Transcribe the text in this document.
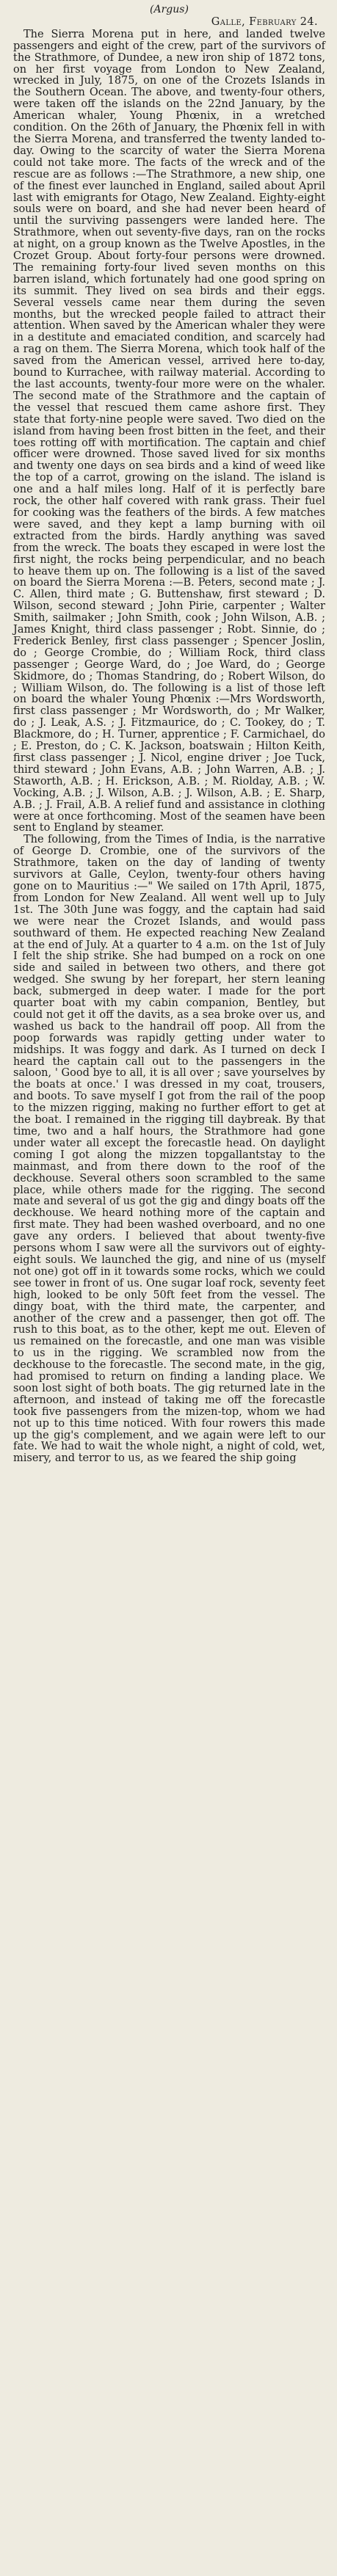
(Argus)
Galle, February 24.

The Sierra Morena put in here, and landed twelve passengers and eight of the crew, part of the survivors of the Strathmore, of Dundee, a new iron ship of 1872 tons, on her first voyage from London to New Zealand, wrecked in July, 1875, on one of the Crozets Islands in the Southern Ocean. The above, and twenty-four others, were taken off the islands on the 22nd January, by the American whaler, Young Phœnix, in a wretched condition. On the 26th of January, the Phœnix fell in with the Sierra Morena, and transferred the twenty landed to-day. Owing to the scarcity of water the Sierra Morena could not take more. The facts of the wreck and of the rescue are as follows :—The Strathmore, a new ship, one of the finest ever launched in England, sailed about April last with emigrants for Otago, New Zealand. Eighty-eight souls were on board, and she had never been heard of until the surviving passengers were landed here. The Strathmore, when out seventy-five days, ran on the rocks at night, on a group known as the Twelve Apostles, in the Crozet Group. About forty-four persons were drowned. The remaining forty-four lived seven months on this barren island, which fortunately had one good spring on its summit. They lived on sea birds and their eggs. Several vessels came near them during the seven months, but the wrecked people failed to attract their attention. When saved by the American whaler they were in a destitute and emaciated condition, and scarcely had a rag on them. The Sierra Morena, which took half of the saved from the American vessel, arrived here to-day, bound to Kurrachee, with railway material. According to the last accounts, twenty-four more were on the whaler. The second mate of the Strathmore and the captain of the vessel that rescued them came ashore first. They state that forty-nine people were saved. Two died on the island from having been frost bitten in the feet, and their toes rotting off with mortification. The captain and chief officer were drowned. Those saved lived for six months and twenty one days on sea birds and a kind of weed like the top of a carrot, growing on the island. The island is one and a half miles long. Half of it is perfectly bare rock, the other half covered with rank grass. Their fuel for cooking was the feathers of the birds. A few matches were saved, and they kept a lamp burning with oil extracted from the birds. Hardly anything was saved from the wreck. The boats they escaped in were lost the first night, the rocks being perpendicular, and no beach to heave them up on. The following is a list of the saved on board the Sierra Morena :—B. Peters, second mate ; J. C. Allen, third mate ; G. Buttenshaw, first steward ; D. Wilson, second steward ; John Pirie, carpenter ; Walter Smith, sailmaker ; John Smith, cook ; John Wilson, A.B. ; James Knight, third class passenger ; Robt. Sinnie, do ; Frederick Benley, first class passenger ; Spencer Joslin, do ; George Crombie, do ; William Rock, third class passenger ; George Ward, do ; Joe Ward, do ; George Skidmore, do ; Thomas Standring, do ; Robert Wilson, do ; William Wilson, do. The following is a list of those left on board the whaler Young Phœnix :—Mrs Wordsworth, first class passenger ; Mr Wordsworth, do ; Mr Walker, do ; J. Leak, A.S. ; J. Fitzmaurice, do ; C. Tookey, do ; T. Blackmore, do ; H. Turner, apprentice ; F. Carmichael, do ; E. Preston, do ; C. K. Jackson, boatswain ; Hilton Keith, first class passenger ; J. Nicol, engine driver ; Joe Tuck, third steward ; John Evans, A.B. ; John Warren, A.B. ; J. Staworth, A.B. ; H. Erickson, A.B. ; M. Riolday, A.B. ; W. Vocking, A.B. ; J. Wilson, A.B. ; J. Wilson, A.B. ; E. Sharp, A.B. ; J. Frail, A.B. A relief fund and assistance in clothing were at once forthcoming. Most of the seamen have been sent to England by steamer.

The following, from the Times of India, is the narrative of George D. Crombie, one of the survivors of the Strathmore, taken on the day of landing of twenty survivors at Galle, Ceylon, twenty-four others having gone on to Mauritius :—" We sailed on 17th April, 1875, from London for New Zealand. All went well up to July 1st. The 30th June was foggy, and the captain had said we were near the Crozet Islands, and would pass southward of them. He expected reaching New Zealand at the end of July. At a quarter to 4 a.m. on the 1st of July I felt the ship strike. She had bumped on a rock on one side and sailed in between two others, and there got wedged. She swung by her forepart, her stern leaning back, submerged in deep water. I made for the port quarter boat with my cabin companion, Bentley, but could not get it off the davits, as a sea broke over us, and washed us back to the handrail off poop. All from the poop forwards was rapidly getting under water to midships. It was foggy and dark. As I turned on deck I heard the captain call out to the passengers in the saloon, ' Good bye to all, it is all over ; save yourselves by the boats at once.' I was dressed in my coat, trousers, and boots. To save myself I got from the rail of the poop to the mizzen rigging, making no further effort to get at the boat. I remained in the rigging till daybreak. By that time, two and a half hours, the Strathmore had gone under water all except the forecastle head. On daylight coming I got along the mizzen topgallantstay to the mainmast, and from there down to the roof of the deckhouse. Several others soon scrambled to the same place, while others made for the rigging. The second mate and several of us got the gig and dingy boats off the deckhouse. We heard nothing more of the captain and first mate. They had been washed overboard, and no one gave any orders. I believed that about twenty-five persons whom I saw were all the survivors out of eighty-eight souls. We launched the gig, and nine of us (myself not one) got off in it towards some rocks, which we could see tower in front of us. One sugar loaf rock, seventy feet high, looked to be only 50ft feet from the vessel. The dingy boat, with the third mate, the carpenter, and another of the crew and a passenger, then got off. The rush to this boat, as to the other, kept me out. Eleven of us remained on the forecastle, and one man was visible to us in the rigging. We scrambled now from the deckhouse to the forecastle. The second mate, in the gig, had promised to return on finding a landing place. We soon lost sight of both boats. The gig returned late in the afternoon, and instead of taking me off the forecastle took five passengers from the mizen-top, whom we had not up to this time noticed. With four rowers this made up the gig's complement, and we again were left to our fate. We had to wait the whole night, a night of cold, wet, misery, and terror to us, as we feared the ship going
